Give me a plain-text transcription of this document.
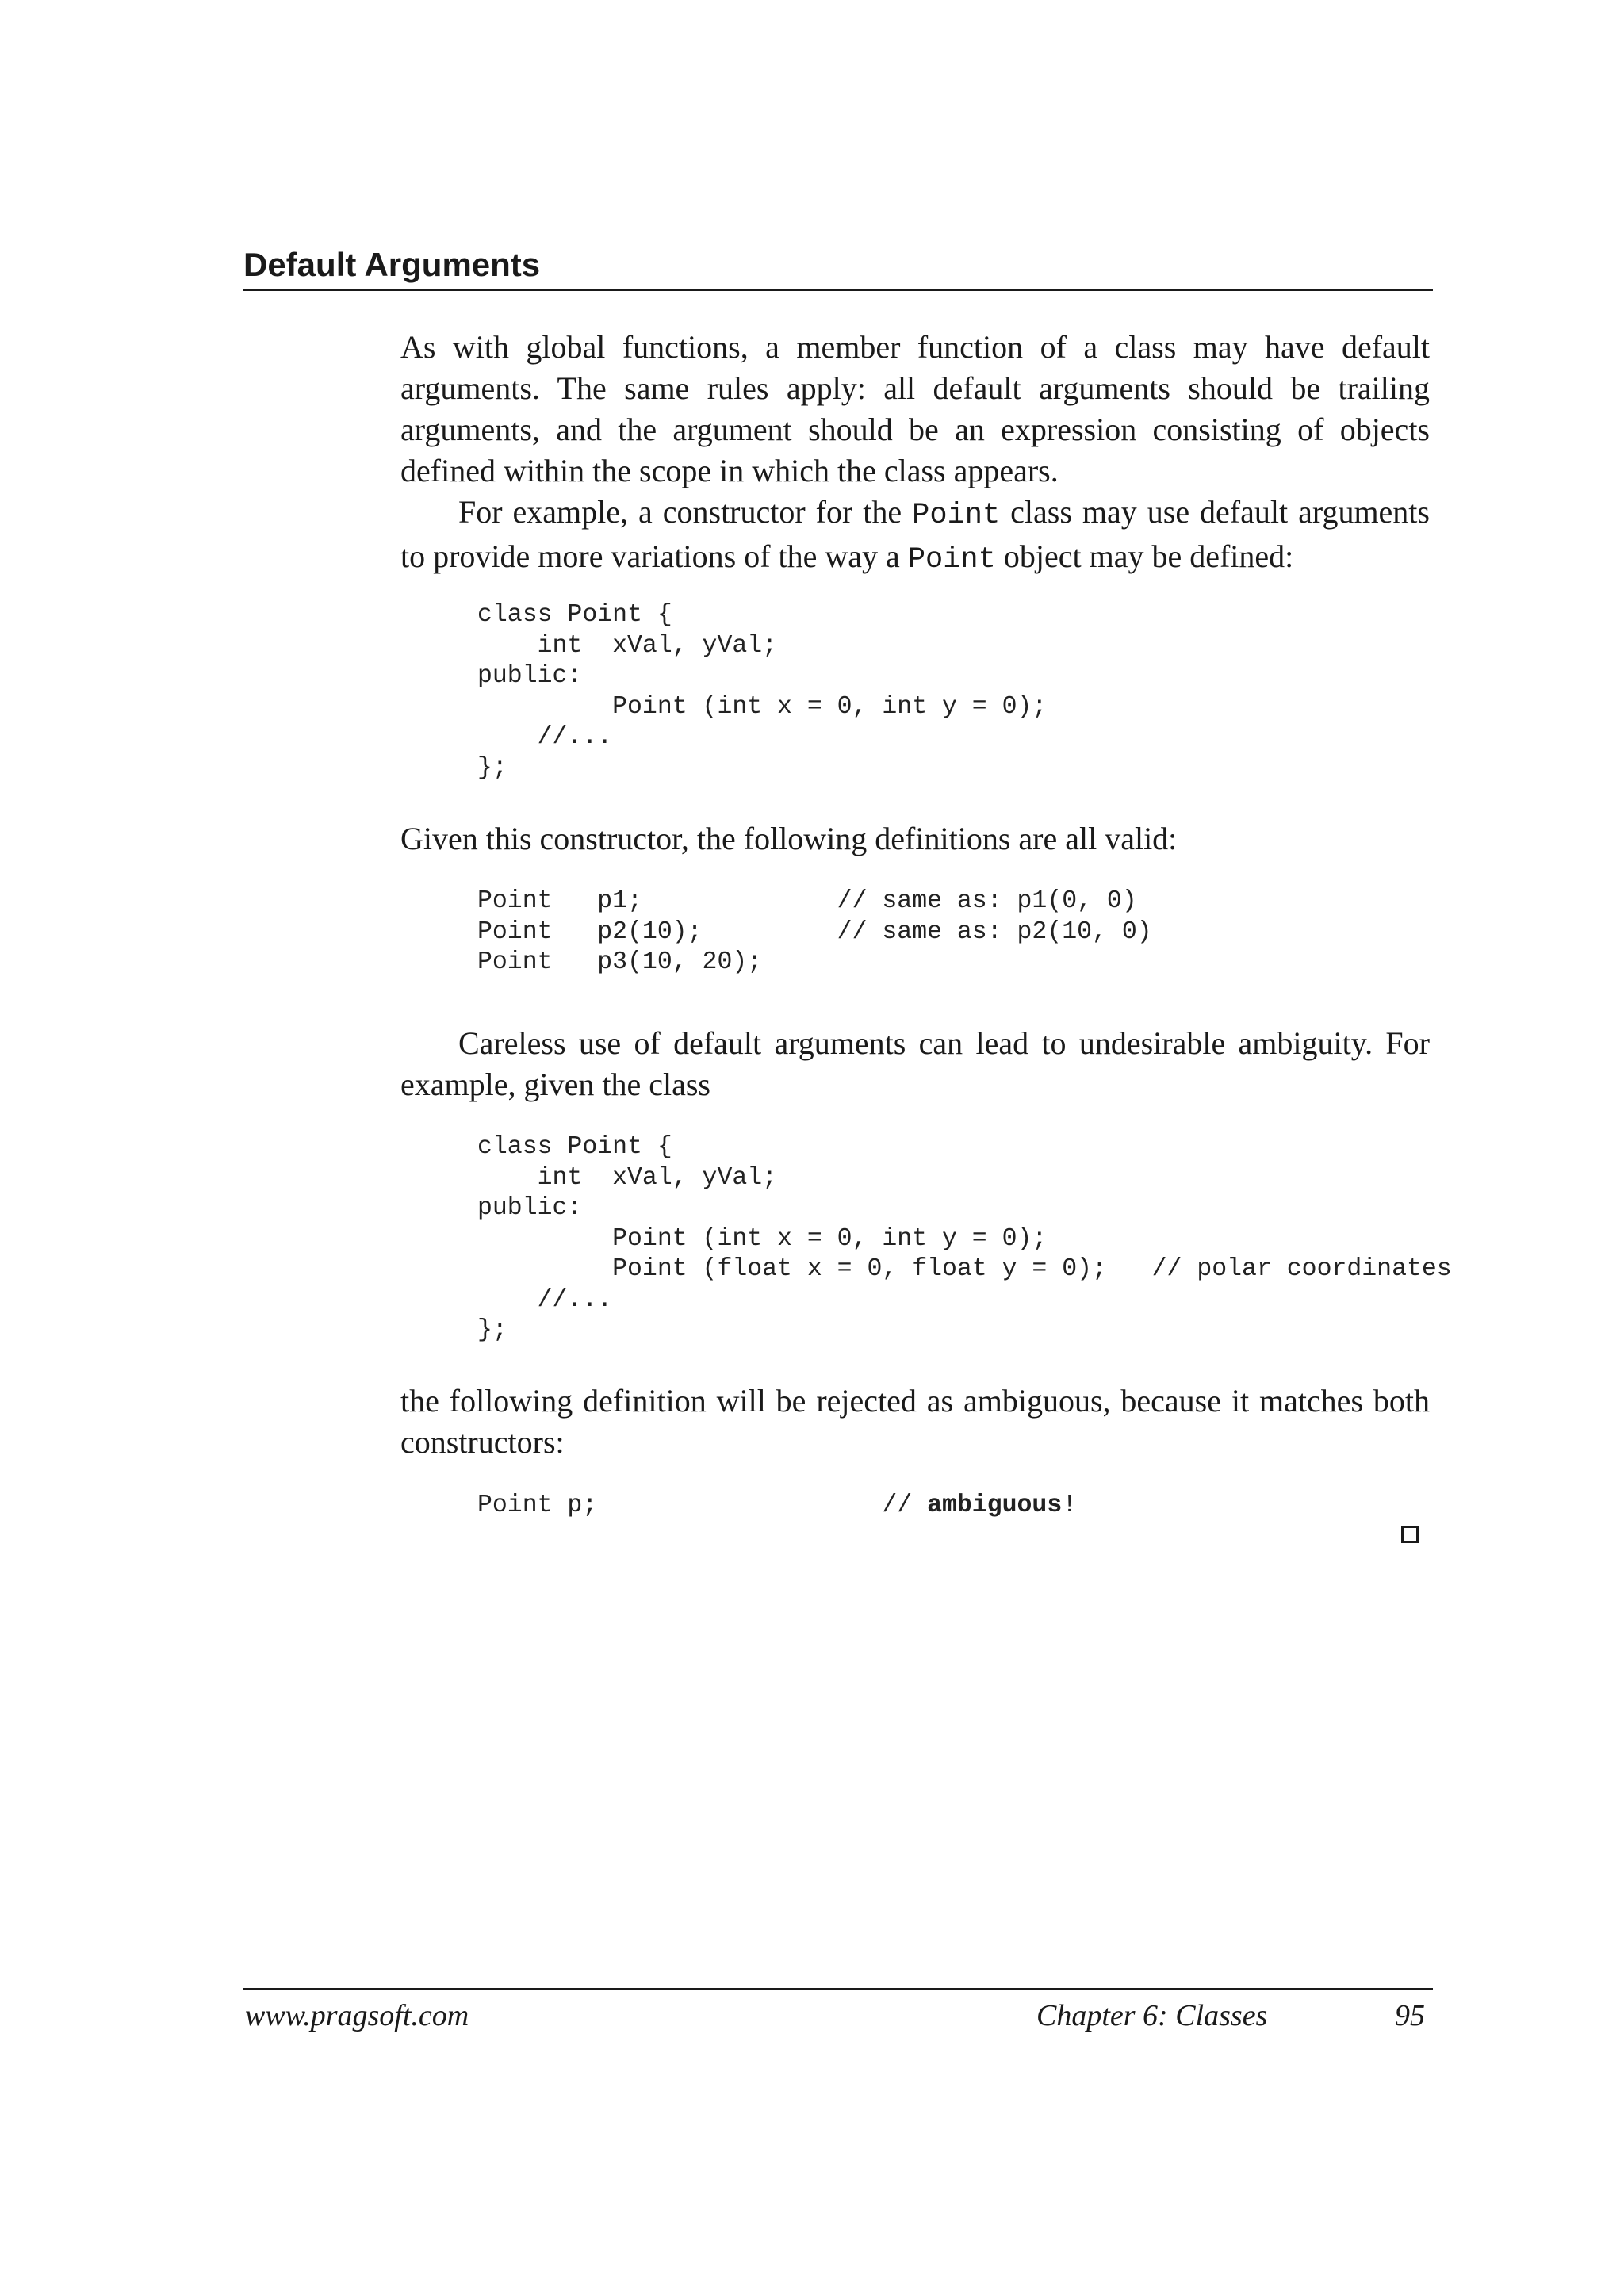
Default Arguments

As with global functions, a member function of a class may have default arguments. The same rules apply: all default arguments should be trailing arguments, and the argument should be an expression consisting of objects defined within the scope in which the class appears.

For example, a constructor for the Point class may use default arguments to provide more variations of the way a Point object may be defined:

class Point {
int  xVal, yVal;
public:
Point (int x = 0, int y = 0);
//...
};

Given this constructor, the following definitions are all valid:

Point   p1;             // same as: p1(0, 0)
Point   p2(10);         // same as: p2(10, 0)
Point   p3(10, 20);

Careless use of default arguments can lead to undesirable ambiguity. For example, given the class

class Point {
int  xVal, yVal;
public:
Point (int x = 0, int y = 0);
Point (float x = 0, float y = 0);   // polar coordinates
//...
};

the following definition will be rejected as ambiguous, because it matches both constructors:

Point p;                   // ambiguous!
www.pragsoft.com	Chapter 6: Classes	95
